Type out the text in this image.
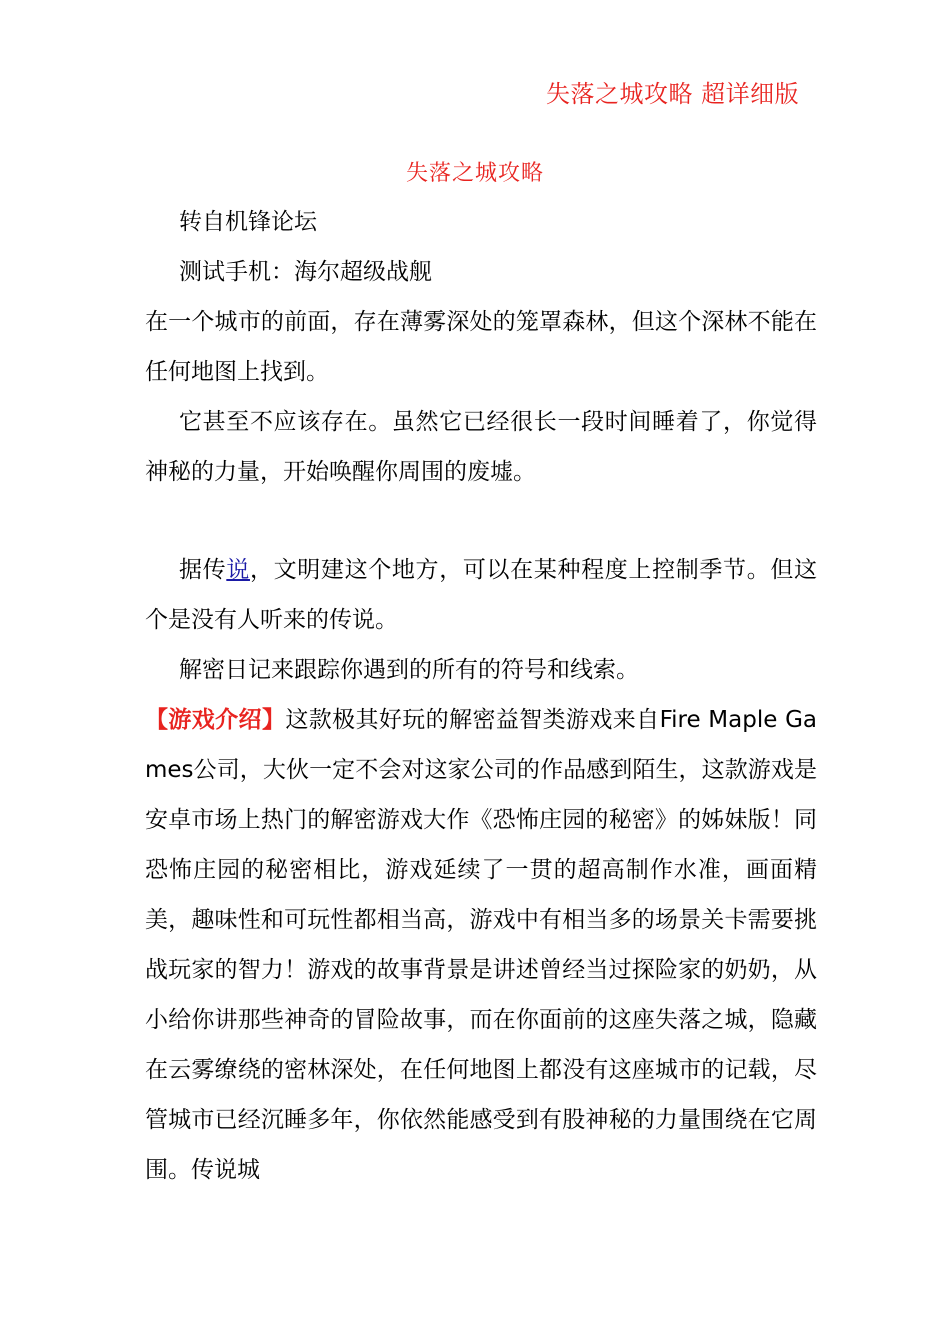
失落之城攻略 超详细版
失落之城攻略
转自机锋论坛
测试手机：海尔超级战舰
在一个城市的前面，存在薄雾深处的笼罩森林，但这个深林不能在任何地图上找到。
它甚至不应该存在。虽然它已经很长一段时间睡着了，你觉得神秘的力量，开始唤醒你周围的废墟。
据传说，文明建这个地方，可以在某种程度上控制季节。但这个是没有人听来的传说。
解密日记来跟踪你遇到的所有的符号和线索。
【游戏介绍】这款极其好玩的解密益智类游戏来自Fire Maple Games公司，大伙一定不会对这家公司的作品感到陌生，这款游戏是安卓市场上热门的解密游戏大作《恐怖庄园的秘密》的姊妹版！同恐怖庄园的秘密相比，游戏延续了一贯的超高制作水准，画面精美，趣味性和可玩性都相当高，游戏中有相当多的场景关卡需要挑战玩家的智力！游戏的故事背景是讲述曾经当过探险家的奶奶，从小给你讲那些神奇的冒险故事，而在你面前的这座失落之城，隐藏在云雾缭绕的密林深处，在任何地图上都没有这座城市的记载，尽管城市已经沉睡多年，你依然能感受到有股神秘的力量围绕在它周围。传说城
